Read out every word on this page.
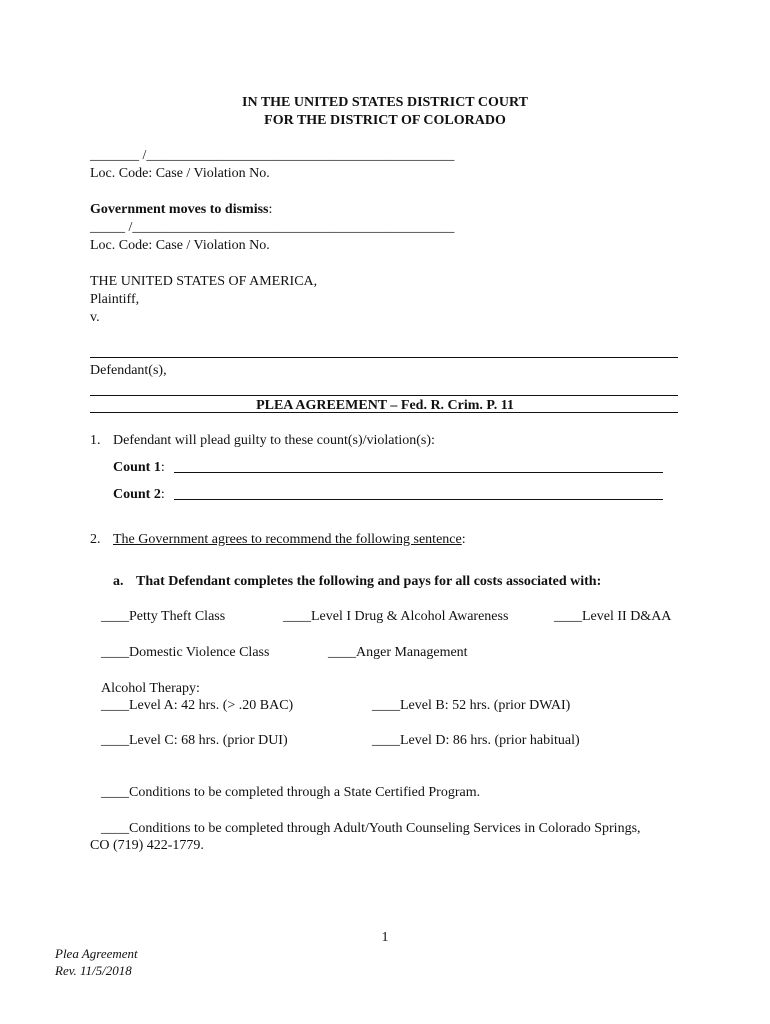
IN THE UNITED STATES DISTRICT COURT
FOR THE DISTRICT OF COLORADO
_______ /____________________________________________
Loc. Code: Case / Violation No.
Government moves to dismiss:
_____ /______________________________________________
Loc. Code: Case / Violation No.
THE UNITED STATES OF AMERICA,
Plaintiff,
v.
Defendant(s),
PLEA AGREEMENT – Fed. R. Crim. P. 11
1. Defendant will plead guilty to these count(s)/violation(s):
Count 1:
Count 2:
2. The Government agrees to recommend the following sentence:
a. That Defendant completes the following and pays for all costs associated with:
____Petty Theft Class	____Level I Drug & Alcohol Awareness	____Level II D&AA
____Domestic Violence Class	____Anger Management
Alcohol Therapy:
____Level A: 42 hrs. (> .20 BAC)	____Level B: 52 hrs. (prior DWAI)
____Level C: 68 hrs. (prior DUI)	____Level D: 86 hrs. (prior habitual)
____Conditions to be completed through a State Certified Program.
____Conditions to be completed through Adult/Youth Counseling Services in Colorado Springs,
CO (719) 422-1779.
1
Plea Agreement
Rev. 11/5/2018
